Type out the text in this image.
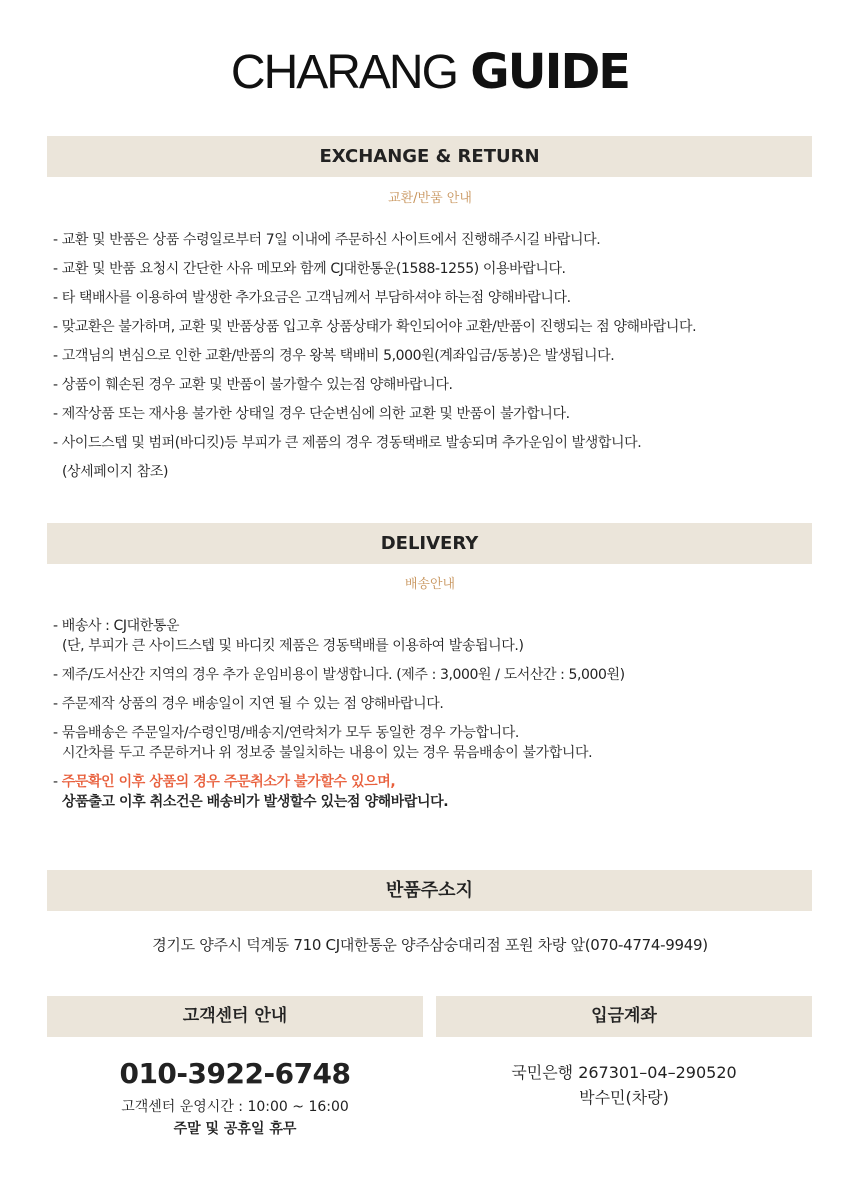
CHARANG GUIDE
EXCHANGE & RETURN
교환/반품 안내
- 교환 및 반품은 상품 수령일로부터 7일 이내에 주문하신 사이트에서 진행해주시길 바랍니다.
- 교환 및 반품 요청시 간단한 사유 메모와 함께 CJ대한통운(1588-1255) 이용바랍니다.
- 타 택배사를 이용하여 발생한 추가요금은 고객님께서 부담하셔야 하는점 양해바랍니다.
- 맞교환은 불가하며, 교환 및 반품상품 입고후 상품상태가 확인되어야 교환/반품이 진행되는 점 양해바랍니다.
- 고객님의 변심으로 인한 교환/반품의 경우 왕복 택배비 5,000원(계좌입금/동봉)은 발생됩니다.
- 상품이 훼손된 경우 교환 및 반품이 불가할수 있는점 양해바랍니다.
- 제작상품 또는 재사용 불가한 상태일 경우 단순변심에 의한 교환 및 반품이 불가합니다.
- 사이드스텝 및 범퍼(바디킷)등 부피가 큰 제품의 경우 경동택배로 발송되며 추가운임이 발생합니다.
(상세페이지 참조)
DELIVERY
배송안내
- 배송사 : CJ대한통운
(단, 부피가 큰 사이드스텝 및 바디킷 제품은 경동택배를 이용하여 발송됩니다.)
- 제주/도서산간 지역의 경우 추가 운임비용이 발생합니다. (제주 : 3,000원 / 도서산간 : 5,000원)
- 주문제작 상품의 경우 배송일이 지연 될 수 있는 점 양해바랍니다.
- 묶음배송은 주문일자/수령인명/배송지/연락처가 모두 동일한 경우 가능합니다.
시간차를 두고 주문하거나 위 정보중 불일치하는 내용이 있는 경우 묶음배송이 불가합니다.
- 주문확인 이후 상품의 경우 주문취소가 불가할수 있으며,
상품출고 이후 취소건은 배송비가 발생할수 있는점 양해바랍니다.
반품주소지
경기도 양주시 덕계동 710 CJ대한통운 양주삼숭대리점 포원 차랑 앞(070-4774-9949)
고객센터 안내
010-3922-6748
고객센터 운영시간 : 10:00 ~ 16:00
주말 및 공휴일 휴무
입금계좌
국민은행 267301–04–290520
박수민(차랑)
